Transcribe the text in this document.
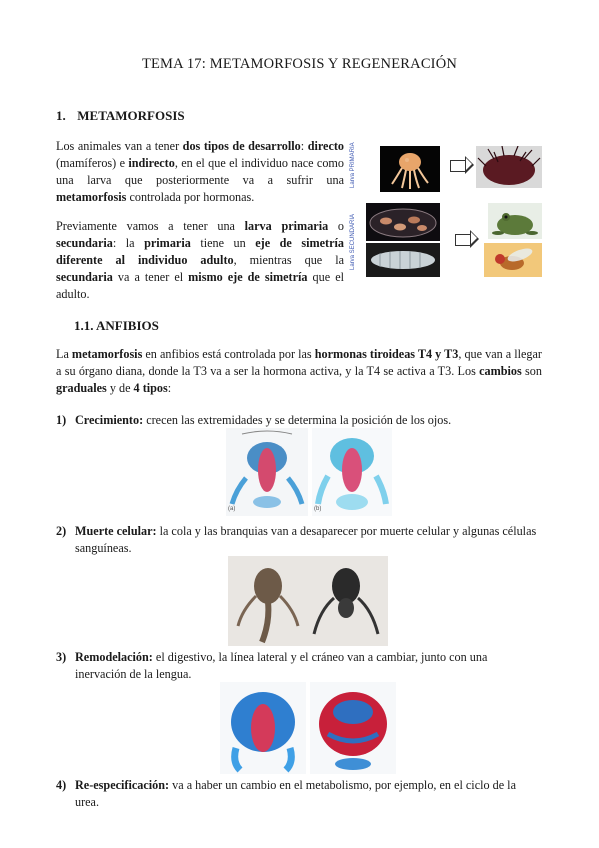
TEMA 17: METAMORFOSIS Y REGENERACIÓN
1. METAMORFOSIS
Los animales van a tener dos tipos de desarrollo: directo (mamíferos) e indirecto, en el que el individuo nace como una larva que posteriormente va a sufrir una metamorfosis controlada por hormonas.
Previamente vamos a tener una larva primaria o secundaria: la primaria tiene un eje de simetría diferente al individuo adulto, mientras que la secundaria va a tener el mismo eje de simetría que el adulto.
Larva PRIMARIA
Larva SECUNDARIA
1.1. ANFIBIOS
La metamorfosis en anfibios está controlada por las hormonas tiroideas T4 y T3, que van a llegar a su órgano diana, donde la T3 va a ser la hormona activa, y la T4 se activa a T3. Los cambios son graduales y de 4 tipos:
1) Crecimiento: crecen las extremidades y se determina la posición de los ojos.
(a)	(b)
2) Muerte celular: la cola y las branquias van a desaparecer por muerte celular y algunas células sanguíneas.
3) Remodelación: el digestivo, la línea lateral y el cráneo van a cambiar, junto con una inervación de la lengua.
4) Re-especificación: va a haber un cambio en el metabolismo, por ejemplo, en el ciclo de la urea.
